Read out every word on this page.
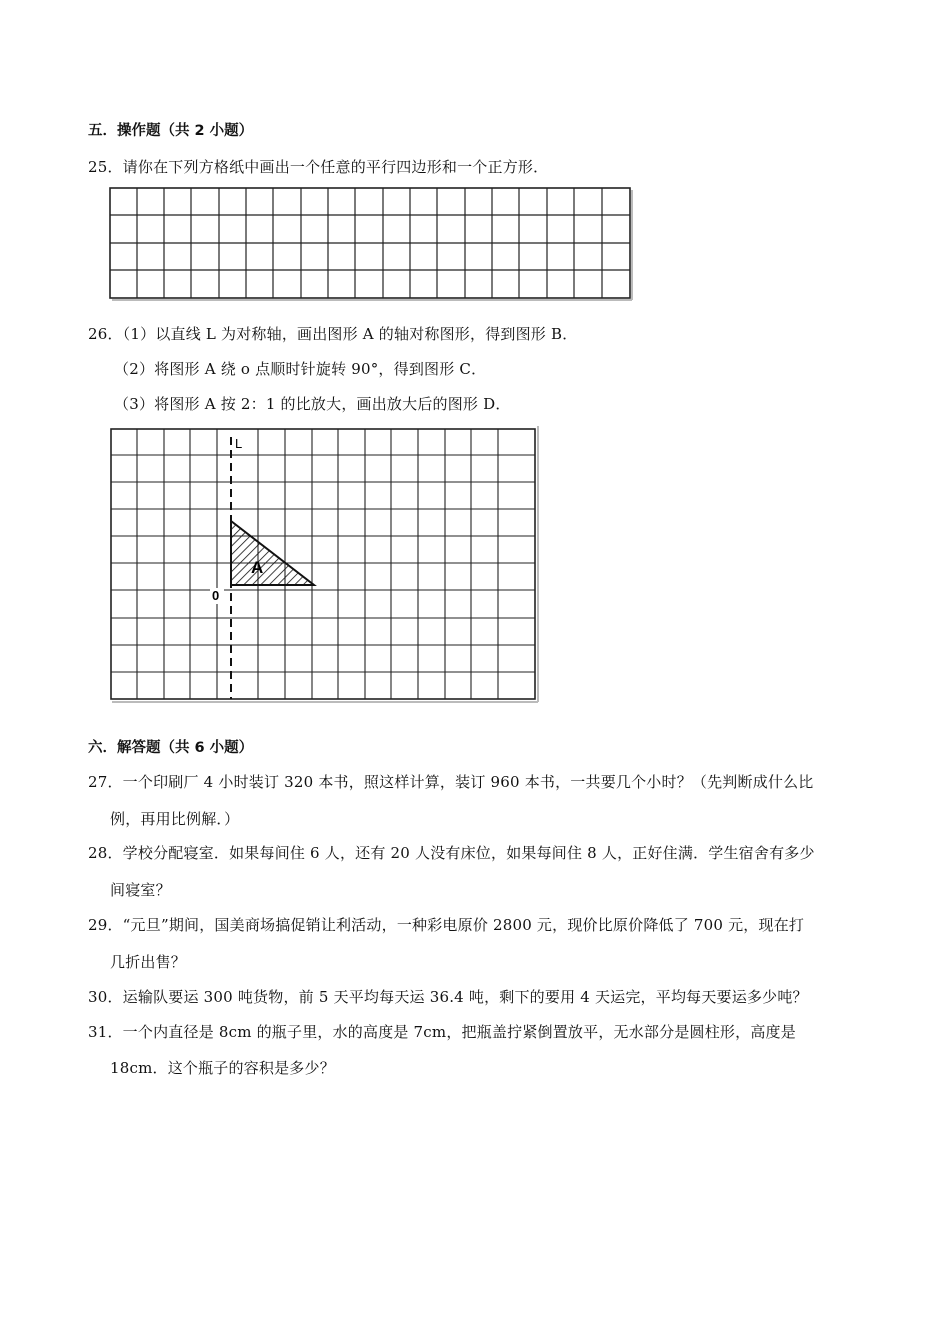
五．操作题（共 2 小题）
25．请你在下列方格纸中画出一个任意的平行四边形和一个正方形．
26．（1）以直线 L 为对称轴，画出图形 A 的轴对称图形，得到图形 B．
（2）将图形 A 绕 o 点顺时针旋转 90°，得到图形 C．
（3）将图形 A 按 2：1 的比放大，画出放大后的图形 D．
L
0
A
六．解答题（共 6 小题）
27．一个印刷厂 4 小时装订 320 本书，照这样计算，装订 960 本书，一共要几个小时？（先判断成什么比
例，再用比例解．）
28．学校分配寝室．如果每间住 6 人，还有 20 人没有床位，如果每间住 8 人，正好住满．学生宿舍有多少
间寝室？
29．“元旦”期间，国美商场搞促销让利活动，一种彩电原价 2800 元，现价比原价降低了 700 元，现在打
几折出售？
30．运输队要运 300 吨货物，前 5 天平均每天运 36.4 吨，剩下的要用 4 天运完，平均每天要运多少吨？
31．一个内直径是 8cm 的瓶子里，水的高度是 7cm，把瓶盖拧紧倒置放平，无水部分是圆柱形，高度是
18cm．这个瓶子的容积是多少？
